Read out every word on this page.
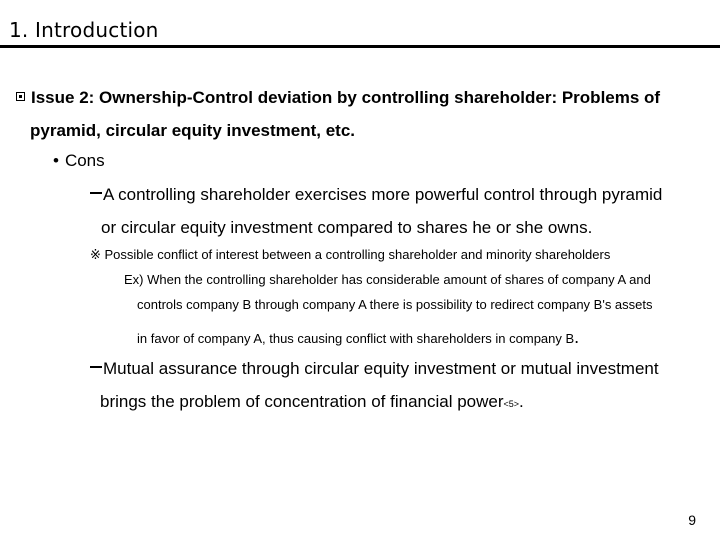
1. Introduction
Issue 2: Ownership-Control deviation by controlling shareholder: Problems of
pyramid, circular equity investment, etc.
• Cons
A controlling shareholder exercises more powerful control through pyramid
or circular equity investment compared to shares he or she owns.
※ Possible conflict of interest between a controlling shareholder and minority shareholders
Ex) When the controlling shareholder has considerable amount of shares of company A and
controls company B through company A there is possibility to redirect company B's assets
in favor of company A, thus causing conflict with shareholders in company B.
Mutual assurance through circular equity investment or mutual investment
brings the problem of concentration of financial power<5>.
9
